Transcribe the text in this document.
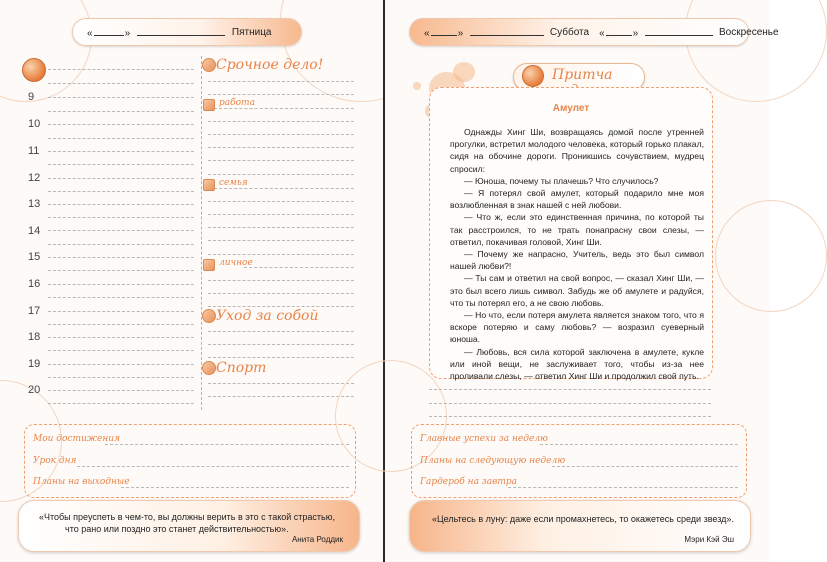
«	»	Пятница
9
10
11
12
13
14
15
16
17
18
19
20
Срочное дело!
работа
семья
личное
Уход за собой
Спорт
Мои достижения
Урок дня
Планы на выходные
«Чтобы преуспеть в чем-то, вы должны верить в это с такой страстью,
что рано или поздно это станет действительностью».
Анита Роддик
«	»	Суббота «	»	Воскресенье
Притча
Амулет

Однажды Хинг Ши, возвращаясь домой после утренней прогулки, встретил молодого человека, который горько плакал, сидя на обочине дороги. Проникшись сочувствием, мудрец спросил:

— Юноша, почему ты плачешь? Что случилось?

— Я потерял свой амулет, который подарило мне моя возлюбленная в знак нашей с ней любови.

— Что ж, если это единственная причина, по которой ты так расстроился, то не трать понапрасну свои слезы, — ответил, покачивая головой, Хинг Ши.

— Почему же напрасно, Учитель, ведь это был символ нашей любви?!

— Ты сам и ответил на свой вопрос, — сказал Хинг Ши, — это был всего лишь символ. Забудь же об амулете и радуйся, что ты потерял его, а не свою любовь.

— Но что, если потеря амулета является знаком того, что я вскоре потеряю и саму любовь? — возразил суеверный юноша.

— Любовь, вся сила которой заключена в амулете, кукле или иной вещи, не заслуживает того, чтобы из-за нее проливали слезы, — ответил Хинг Ши и продолжил свой путь.

Главные успехи за неделю
Планы на следующую неделю
Гардероб на завтра
«Цельтесь в луну: даже если промахнетесь, то окажетесь среди звезд».
Мэри Кэй Эш
